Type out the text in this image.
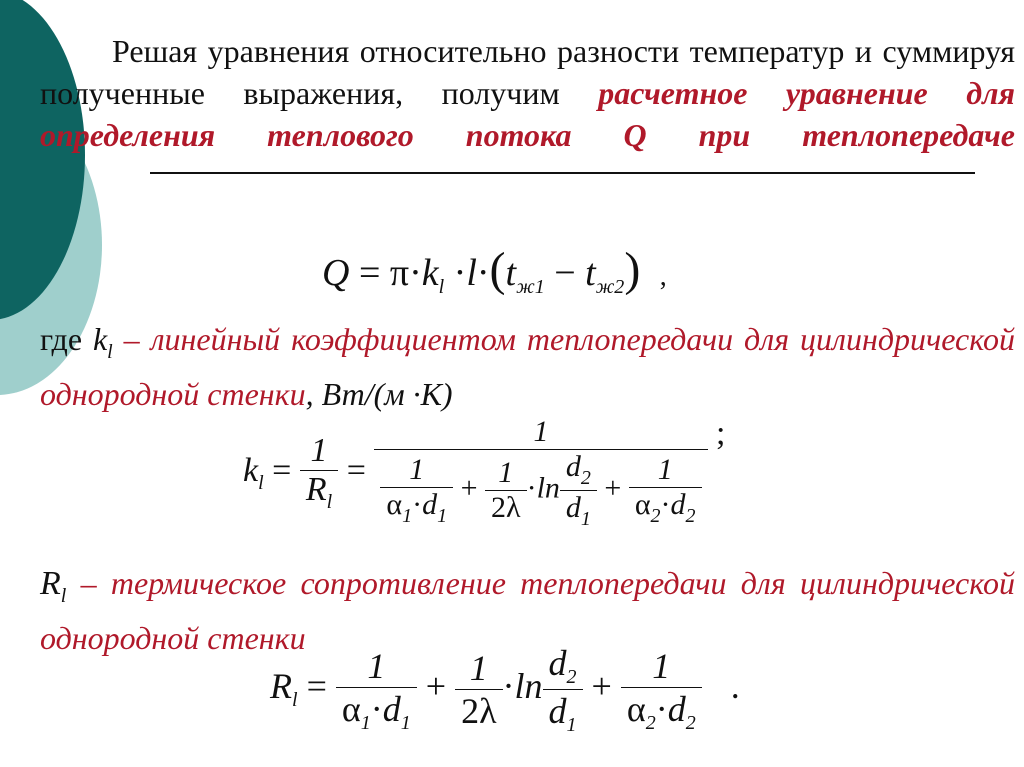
Решая уравнения относительно разности температур и суммируя полученные выражения, получим расчетное уравнение для определения теплового потока Q при теплопередаче

$Q = \pi\cdot k_l \cdot l\cdot(t_{ж1} - t_{ж2})$ ,

где $k_l$ – линейный коэффициентом теплопередачи для цилиндрической однородной стенки, Вт/(м ·К)

$k_l = \frac{1}{R_l} = \frac{1}{\frac{1}{\alpha_1\cdot d_1} + \frac{1}{2\lambda} \cdot\ln \frac{d_2}{d_1} + \frac{1}{\alpha_2\cdot d_2}}$ ;

$R_l$ – термическое сопротивление теплопередачи для цилиндрической однородной стенки

$R_l = \frac{1}{\alpha_1\cdot d_1} + \frac{1}{2\lambda} \cdot\ln \frac{d_2}{d_1} + \frac{1}{\alpha_2\cdot d_2}$ .
